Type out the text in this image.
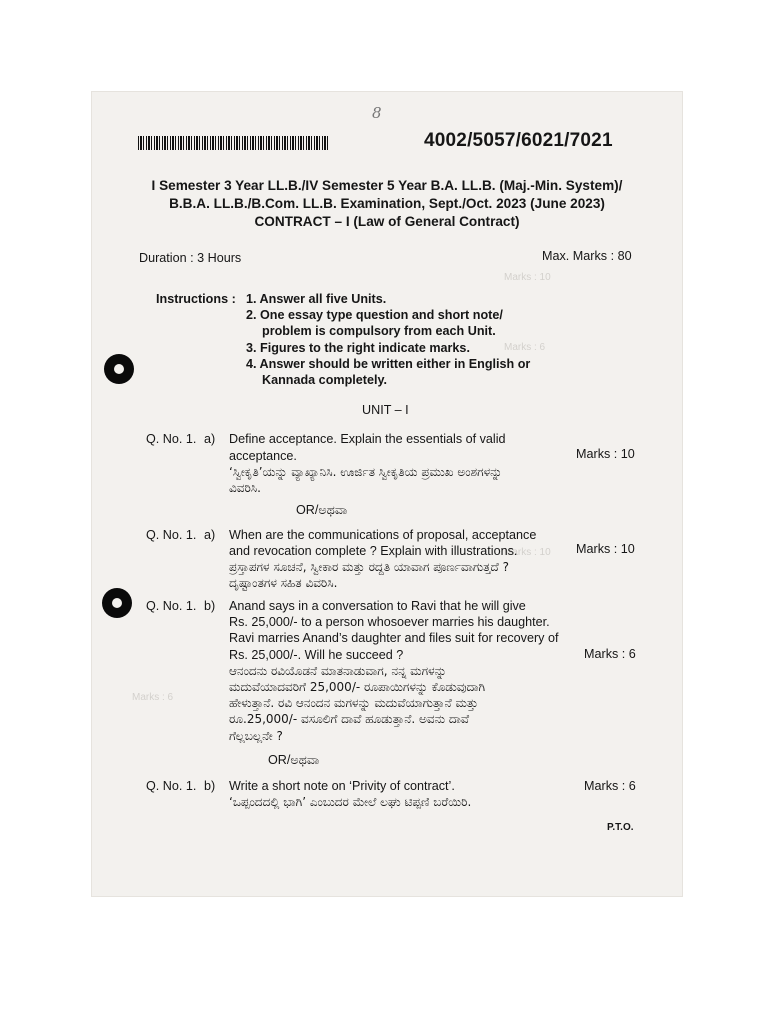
Marks : 10
Marks : 6
Marks : 10
Marks : 6
8
4002/5057/6021/7021
I Semester 3 Year LL.B./IV Semester 5 Year B.A. LL.B. (Maj.-Min. System)/
B.B.A. LL.B./B.Com. LL.B. Examination, Sept./Oct. 2023 (June 2023)
CONTRACT – I (Law of General Contract)
Duration : 3 Hours	Max. Marks : 80
Instructions : 1. Answer all five Units.
2. One essay type question and short note/
problem is compulsory from each Unit.
3. Figures to the right indicate marks.
4. Answer should be written either in English or
Kannada completely.
UNIT – I
Q. No. 1. a) Define acceptance. Explain the essentials of valid
acceptance.	Marks : 10
‘ಸ್ವೀಕೃತಿ’ಯನ್ನು ವ್ಯಾಖ್ಯಾನಿಸಿ. ಊರ್ಜಿತ ಸ್ವೀಕೃತಿಯ ಪ್ರಮುಖ ಅಂಶಗಳನ್ನು
ವಿವರಿಸಿ.
OR/ಅಥವಾ
Q. No. 1. a) When are the communications of proposal, acceptance
and revocation complete ? Explain with illustrations.	Marks : 10
ಪ್ರಸ್ತಾಪಗಳ ಸೂಚನೆ, ಸ್ವೀಕಾರ ಮತ್ತು ರದ್ದತಿ ಯಾವಾಗ ಪೂರ್ಣವಾಗುತ್ತದೆ ?
ದೃಷ್ಟಾಂತಗಳ ಸಹಿತ ವಿವರಿಸಿ.
Q. No. 1. b) Anand says in a conversation to Ravi that he will give
Rs. 25,000/- to a person whosoever marries his daughter.
Ravi marries Anand’s daughter and files suit for recovery of
Rs. 25,000/-. Will he succeed ?	Marks : 6
ಆನಂದನು ರವಿಯೊಡನೆ ಮಾತನಾಡುವಾಗ, ನನ್ನ ಮಗಳನ್ನು
ಮದುವೆಯಾದವರಿಗೆ 25,000/- ರೂಪಾಯಿಗಳನ್ನು ಕೊಡುವುದಾಗಿ
ಹೇಳುತ್ತಾನೆ. ರವಿ ಆನಂದನ ಮಗಳನ್ನು ಮದುವೆಯಾಗುತ್ತಾನೆ ಮತ್ತು
ರೂ.25,000/- ವಸೂಲಿಗೆ ದಾವೆ ಹೂಡುತ್ತಾನೆ. ಅವನು ದಾವೆ
ಗೆಲ್ಲಬಲ್ಲನೇ ?
OR/ಅಥವಾ
Q. No. 1. b) Write a short note on ‘Privity of contract’.	Marks : 6
‘ಒಪ್ಪಂದದಲ್ಲಿ ಭಾಗಿ’ ಎಂಬುದರ ಮೇಲೆ ಲಘು ಟಿಪ್ಪಣಿ ಬರೆಯಿರಿ.
P.T.O.
